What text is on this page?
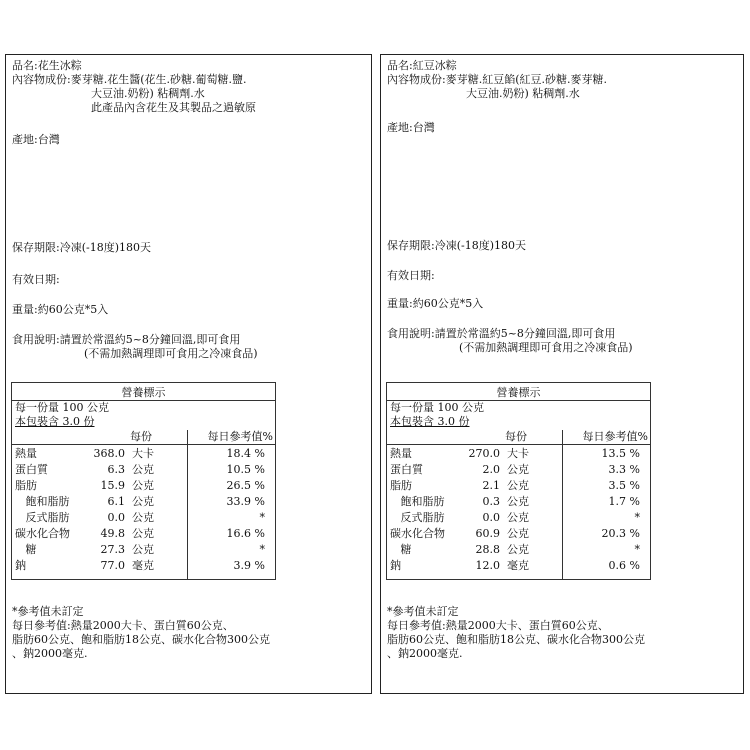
品名:花生冰粽
內容物成份:麥芽糖.花生醬(花生.砂糖.葡萄糖.鹽.
大豆油.奶粉) 粘稠劑.水
此產品內含花生及其製品之過敏原
產地:台灣
保存期限:冷凍(-18度)180天
有效日期:
重量:約60公克*5入
食用說明:請置於常溫約5~8分鐘回溫,即可食用
(不需加熱調理即可食用之冷凍食品)
營養標示
每一份量 100 公克
本包裝含 3.0 份
每份	每日參考值%
熱量	368.0 大卡	18.4 %
蛋白質	6.3 公克	10.5 %
脂肪	15.9 公克	26.5 %
飽和脂肪	6.1 公克	33.9 %
反式脂肪	0.0 公克	*
碳水化合物	49.8 公克	16.6 %
糖	27.3 公克	*
鈉	77.0 毫克	3.9 %
*參考值未訂定
每日參考值:熱量2000大卡、蛋白質60公克、
脂肪60公克、飽和脂肪18公克、碳水化合物300公克
、鈉2000毫克.
品名:紅豆冰粽
內容物成份:麥芽糖.紅豆餡(紅豆.砂糖.麥芽糖.
大豆油.奶粉) 粘稠劑.水
產地:台灣
保存期限:冷凍(-18度)180天
有效日期:
重量:約60公克*5入
食用說明:請置於常溫約5~8分鐘回溫,即可食用
(不需加熱調理即可食用之冷凍食品)
營養標示
每一份量 100 公克
本包裝含 3.0 份
每份	每日參考值%
熱量	270.0 大卡	13.5 %
蛋白質	2.0 公克	3.3 %
脂肪	2.1 公克	3.5 %
飽和脂肪	0.3 公克	1.7 %
反式脂肪	0.0 公克	*
碳水化合物	60.9 公克	20.3 %
糖	28.8 公克	*
鈉	12.0 毫克	0.6 %
*參考值未訂定
每日參考值:熱量2000大卡、蛋白質60公克、
脂肪60公克、飽和脂肪18公克、碳水化合物300公克
、鈉2000毫克.
